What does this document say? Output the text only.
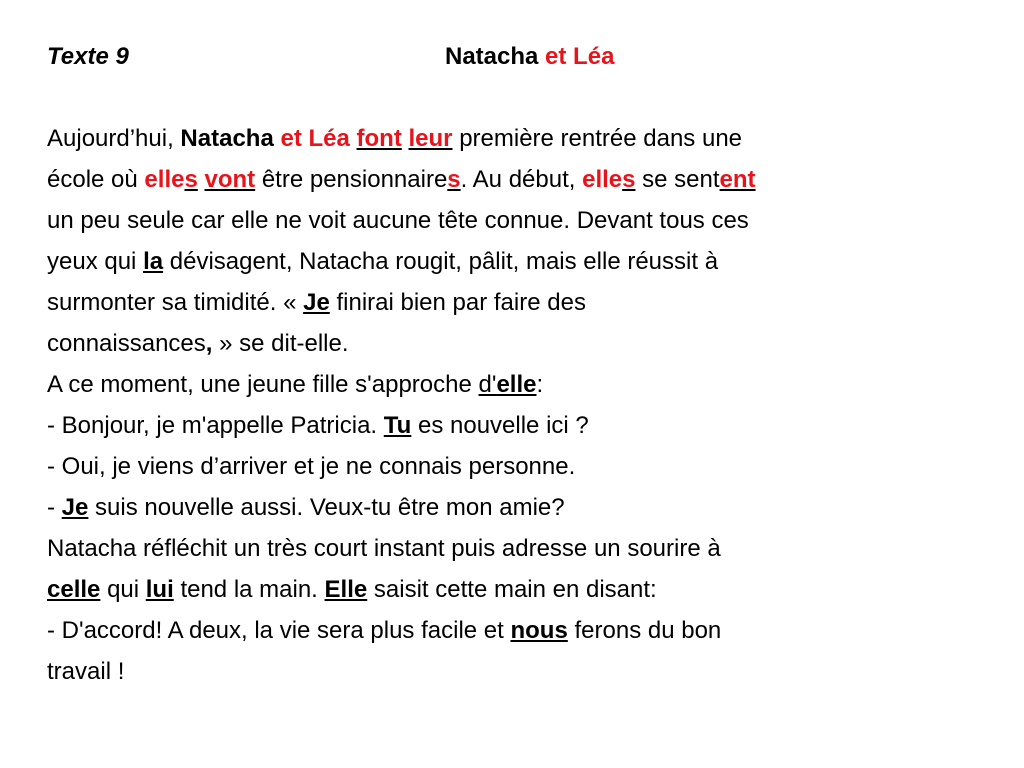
Texte 9	Natacha et Léa
Aujourd’hui, Natacha et Léa font leur première rentrée dans une
école où elles vont être pensionnaires. Au début, elles se sentent
un peu seule car elle ne voit aucune tête connue. Devant tous ces
yeux qui la dévisagent, Natacha rougit, pâlit, mais elle réussit à
surmonter sa timidité. « Je finirai bien par faire des
connaissances, » se dit-elle.
A ce moment, une jeune fille s'approche d'elle:
- Bonjour, je m'appelle Patricia. Tu es nouvelle ici ?
- Oui, je viens d’arriver et je ne connais personne.
- Je suis nouvelle aussi. Veux-tu être mon amie?
Natacha réfléchit un très court instant puis adresse un sourire à
celle qui lui tend la main. Elle saisit cette main en disant:
- D'accord! A deux, la vie sera plus facile et nous ferons du bon
travail !
